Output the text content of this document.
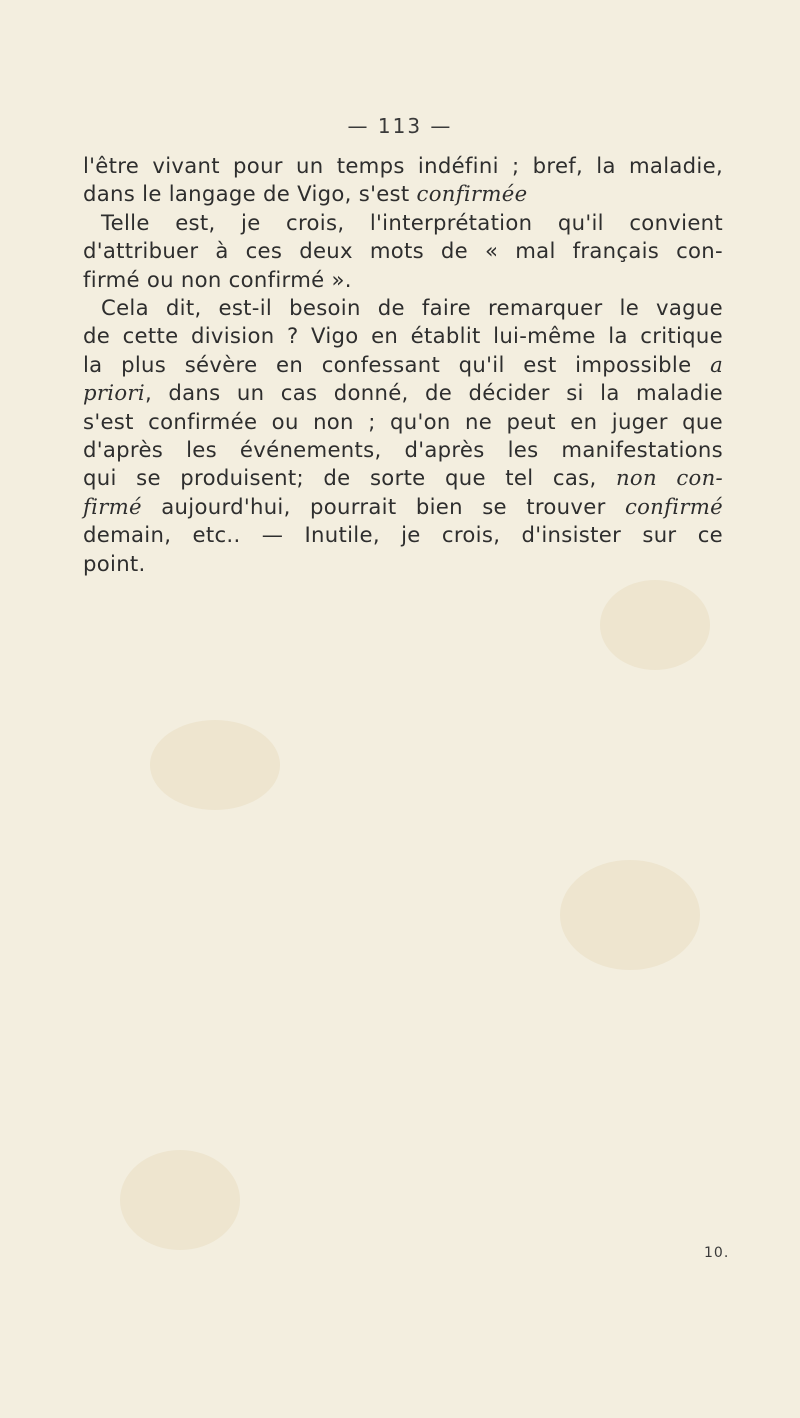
— 113 —
l'être vivant pour un temps indéfini ; bref, la maladie,
dans le langage de Vigo, s'est confirmée
Telle est, je crois, l'interprétation qu'il convient
d'attribuer à ces deux mots de « mal français con-
firmé ou non confirmé ».
Cela dit, est-il besoin de faire remarquer le vague
de cette division ? Vigo en établit lui-même la critique
la plus sévère en confessant qu'il est impossible a
priori, dans un cas donné, de décider si la maladie
s'est confirmée ou non ; qu'on ne peut en juger que
d'après les événements, d'après les manifestations
qui se produisent; de sorte que tel cas, non con-
firmé aujourd'hui, pourrait bien se trouver confirmé
demain, etc.. — Inutile, je crois, d'insister sur ce
point.
10.
